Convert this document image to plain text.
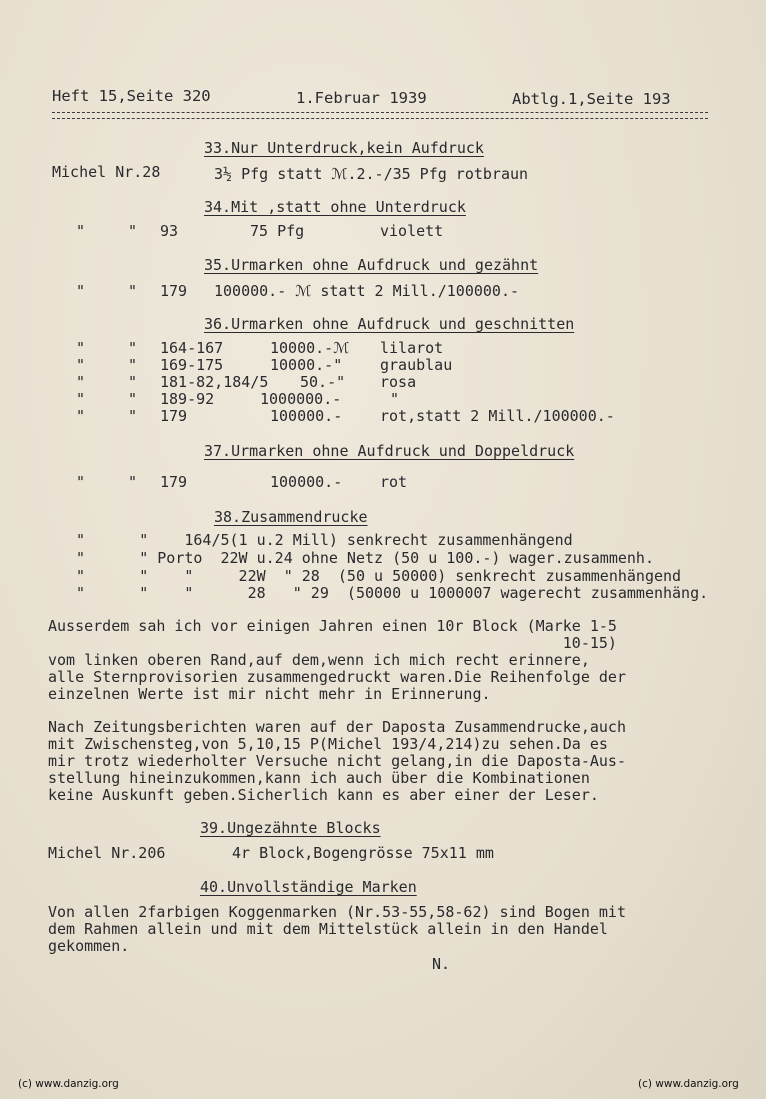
Heft 15,Seite 320	1.Februar 1939	Abtlg.1,Seite 193
33.Nur Unterdruck,kein Aufdruck
Michel Nr.28	3½ Pfg statt ℳ.2.-/35 Pfg rotbraun
34.Mit ,statt ohne Unterdruck
"	" 93	75 Pfg	violett
35.Urmarken ohne Aufdruck und gezähnt
"	" 179 100000.- ℳ statt 2 Mill./100000.-
36.Urmarken ohne Aufdruck und geschnitten
"	" 164-167	10000.-ℳ lilarot
"	" 169-175	10000.-"	graublau
"	" 181-82,184/5 50.-" rosa
"	" 189-92	1000000.-	"
"	" 179	100000.-	rot,statt 2 Mill./100000.-
37.Urmarken ohne Aufdruck und Doppeldruck
"	" 179	100000.-	rot
38.Zusammendrucke
"      "    164/5(1 u.2 Mill) senkrecht zusammenhängend
"      " Porto  22W u.24 ohne Netz (50 u 100.-) wager.zusammenh.
"      "    "     22W  " 28  (50 u 50000) senkrecht zusammenhängend
"      "    "      28   " 29  (50000 u 1000007 wagerecht zusammenhäng.
Ausserdem sah ich vor einigen Jahren einen 10r Block (Marke 1-5
10-15)
vom linken oberen Rand,auf dem,wenn ich mich recht erinnere,
alle Sternprovisorien zusammengedruckt waren.Die Reihenfolge der
einzelnen Werte ist mir nicht mehr in Erinnerung.
Nach Zeitungsberichten waren auf der Daposta Zusammendrucke,auch
mit Zwischensteg,von 5,10,15 P(Michel 193/4,214)zu sehen.Da es
mir trotz wiederholter Versuche nicht gelang,in die Daposta-Aus-
stellung hineinzukommen,kann ich auch über die Kombinationen
keine Auskunft geben.Sicherlich kann es aber einer der Leser.
39.Ungezähnte Blocks
Michel Nr.206	4r Block,Bogengrösse 75x11 mm
40.Unvollständige Marken
Von allen 2farbigen Koggenmarken (Nr.53-55,58-62) sind Bogen mit
dem Rahmen allein und mit dem Mittelstück allein in den Handel
gekommen.
N.
(c) www.danzig.org	(c) www.danzig.org
